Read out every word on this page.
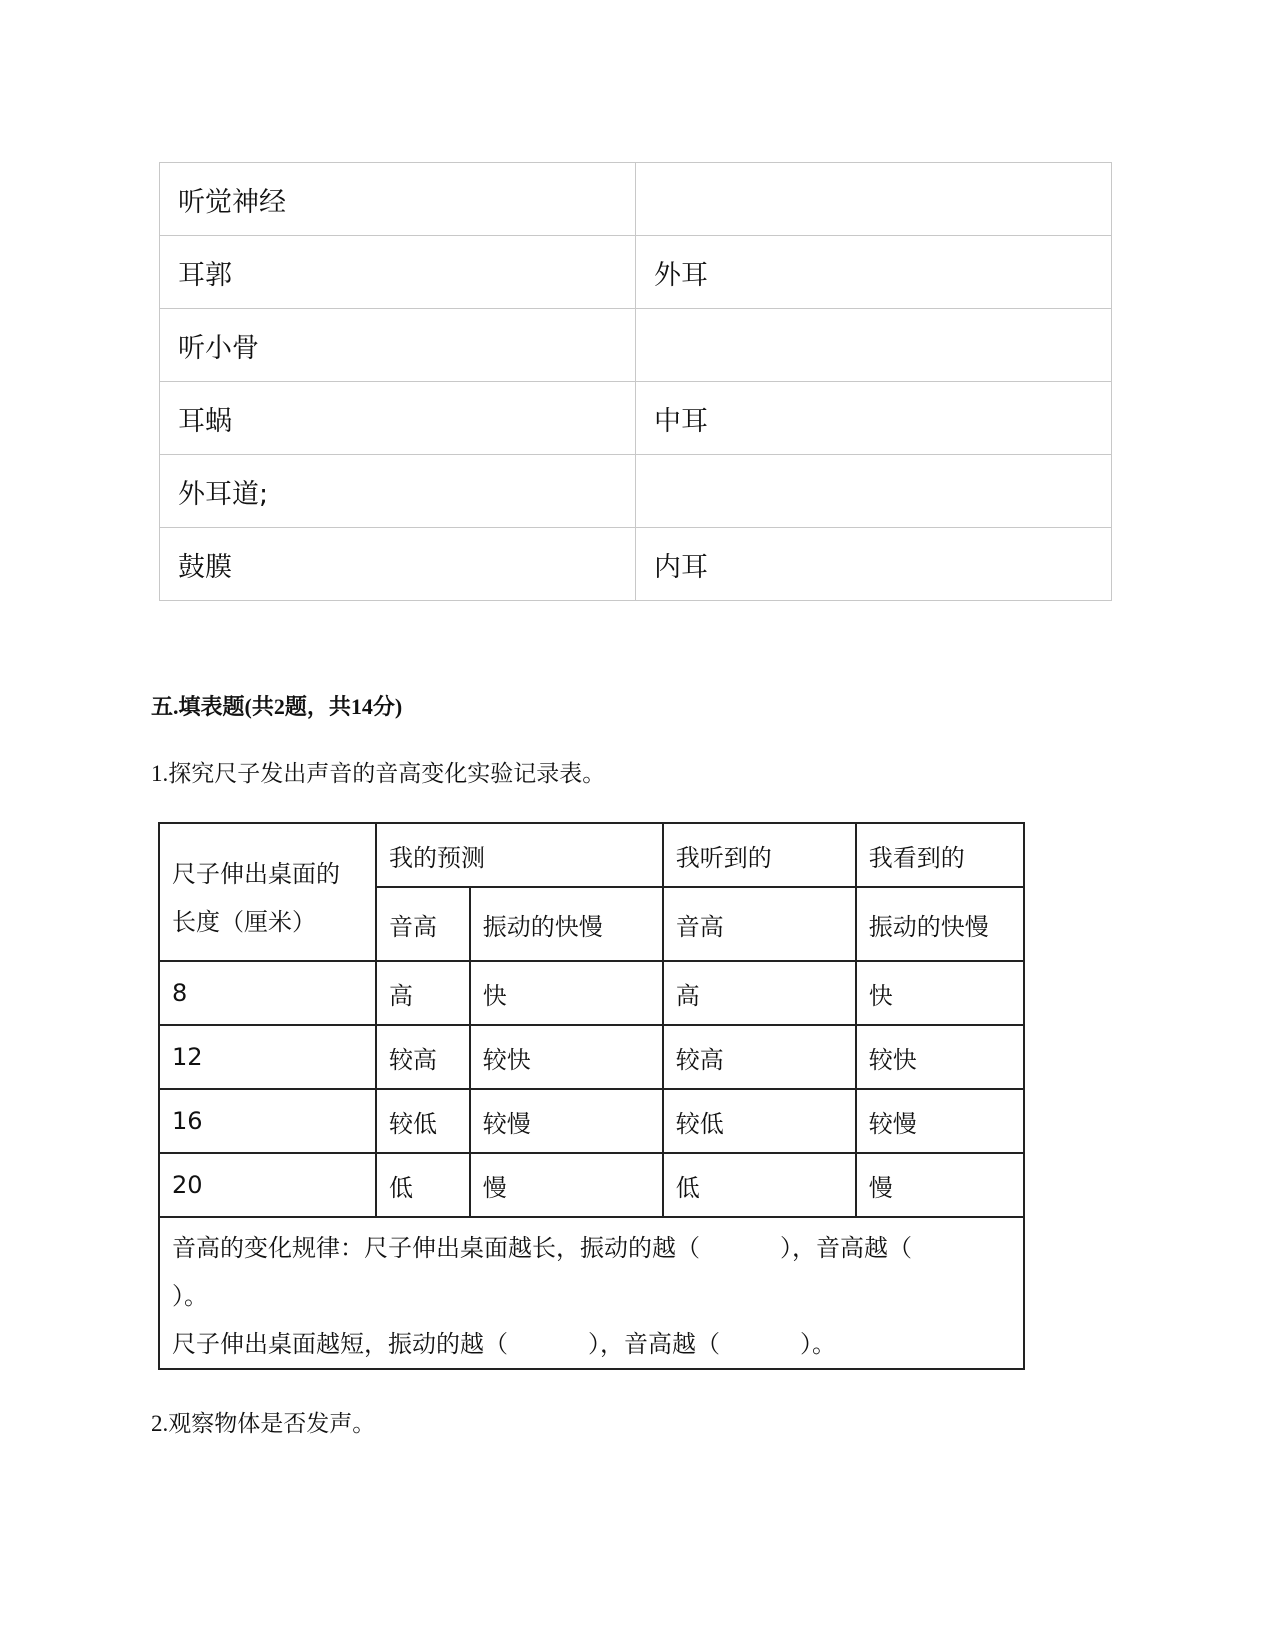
听觉神经	
耳郭	外耳
听小骨	
耳蜗	中耳
外耳道;	
鼓膜	内耳
五.填表题(共2题，共14分)
1.探究尺子发出声音的音高变化实验记录表。
尺子伸出桌面的
长度（厘米）	我的预测		我听到的	我看到的
	音高	振动的快慢	音高	振动的快慢
8	高	快	高	快
12	较高	较快	较高	较快
16	较低	较慢	较低	较慢
20	低	慢	低	慢
音高的变化规律：尺子伸出桌面越长，振动的越（ ），音高越（）。
尺子伸出桌面越短，振动的越（ ），音高越（ ）。				
2.观察物体是否发声。
